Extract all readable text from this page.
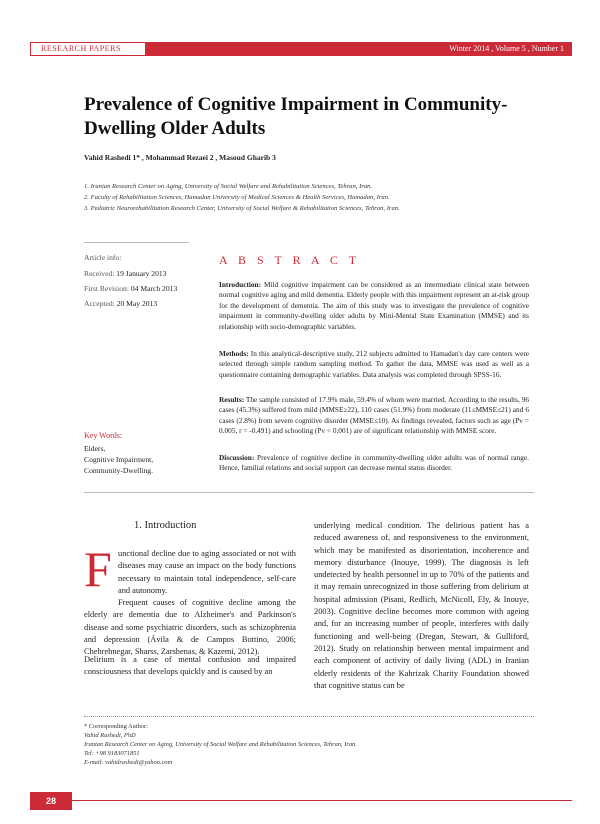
RESEARCH PAPERS	Winter 2014 , Volume 5 , Number 1
Prevalence of Cognitive Impairment in Community-Dwelling Older Adults
Vahid Rashedi 1* , Mohammad Rezaei 2 , Masoud Gharib 3
1. Iranian Research Center on Aging, University of Social Welfare and Rehabilitation Sciences, Tehran, Iran.
2. Faculty of Rehabilitation Sciences, Hamadan University of Medical Sciences & Health Services, Hamadan, Iran.
3. Pediatric Neurorehabilitation Research Center, University of Social Welfare & Rehabilitation Sciences, Tehran, Iran.
Article info:
Received: 19 January 2013
First Revision: 04 March 2013
Accepted: 20 May 2013
Key Words:
Elders,
Cognitive Impairment,
Community-Dwelling.
A B S T R A C T
Introduction: Mild cognitive impairment can be considered as an intermediate clinical state between normal cognitive aging and mild dementia. Elderly people with this impairment represent an at-risk group for the development of dementia. The aim of this study was to investigate the prevalence of cognitive impairment in community-dwelling older adults by Mini-Mental State Examination (MMSE) and its relationship with socio-demographic variables.
Methods: In this analytical-descriptive study, 212 subjects admitted to Hamadan's day care centers were selected through simple random sampling method. To gather the data, MMSE was used as well as a questionnaire containing demographic variables. Data analysis was completed through SPSS-16.
Results: The sample consisted of 17.9% male, 59.4% of whom were married. According to the results, 96 cases (45.3%) suffered from mild (MMSE≥22), 110 cases (51.9%) from moderate (11≤MMSE≤21) and 6 cases (2.8%) from severe cognitive disorder (MMSE≤10). As findings revealed, factors such as age (Pv = 0.005, r = -0.491) and schooling (Pv < 0.001) are of significant relationship with MMSE score.
Discussion: Prevalence of cognitive decline in community-dwelling older adults was of normal range. Hence, familial relations and social support can decrease mental status disorder.
1. Introduction
F unctional decline due to aging associated or not with diseases may cause an impact on the body functions necessary to maintain total independence, self-care and autonomy.
Frequent causes of cognitive decline among the elderly are dementia due to Alzheimer's and Parkinson's disease and some psychiatric disorders, such as schizophrenia and depression (Ávila & de Campos Bottino, 2006; Chehrehnegar, Sharss, Zarshenas, & Kazemi, 2012).
Delirium is a case of mental confusion and impaired consciousness that develops quickly and is caused by an
underlying medical condition. The delirious patient has a reduced awareness of, and responsiveness to the environment, which may be manifested as disorientation, incoherence and memory disturbance (Inouye, 1999). The diagnosis is left undetected by health personnel in up to 70% of the patients and it may remain unrecognized in those suffering from delirium at hospital admission (Pisani, Redlich, McNicoll, Ely, & Inouye, 2003). Cognitive decline becomes more common with ageing and, for an increasing number of people, interferes with daily functioning and well-being (Dregan, Stewart, & Gulliford, 2012). Study on relationship between mental impairment and each component of activity of daily living (ADL) in Iranian elderly residents of the Kahrizak Charity Foundation showed that cognitive status can be
* Corresponding Author:
Vahid Rashedi, PhD
Iranian Research Center on Aging, University of Social Welfare and Rehabilitation Sciences, Tehran, Iran.
Tel: +98 9183071851
E-mail: vahidrashedi@yahoo.com
28
